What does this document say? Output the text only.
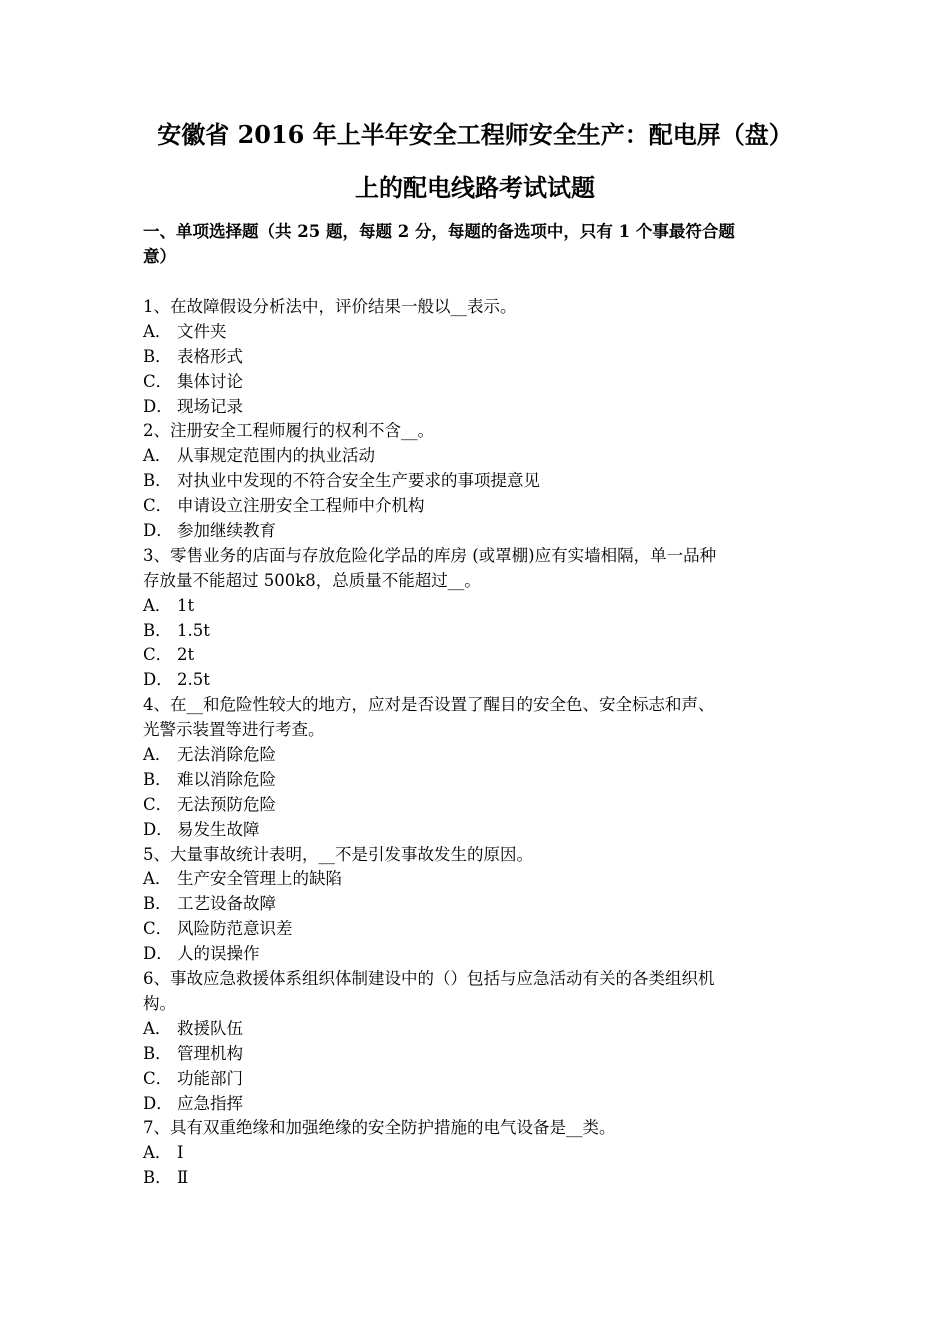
安徽省 2016 年上半年安全工程师安全生产：配电屏（盘）
上的配电线路考试试题
一、单项选择题（共 25 题，每题 2 分，每题的备选项中，只有 1 个事最符合题
意）
1、在故障假设分析法中，评价结果一般以__表示。
A． 文件夹
B． 表格形式
C． 集体讨论
D． 现场记录
2、注册安全工程师履行的权利不含__。
A． 从事规定范围内的执业活动
B． 对执业中发现的不符合安全生产要求的事项提意见
C． 申请设立注册安全工程师中介机构
D． 参加继续教育
3、零售业务的店面与存放危险化学品的库房 (或罩棚)应有实墙相隔，单一品种
存放量不能超过 500k8，总质量不能超过__。
A． 1t
B． 1.5t
C． 2t
D． 2.5t
4、在__和危险性较大的地方，应对是否设置了醒目的安全色、安全标志和声、
光警示装置等进行考查。
A． 无法消除危险
B． 难以消除危险
C． 无法预防危险
D． 易发生故障
5、大量事故统计表明，__不是引发事故发生的原因。
A． 生产安全管理上的缺陷
B． 工艺设备故障
C． 风险防范意识差
D． 人的误操作
6、事故应急救援体系组织体制建设中的（）包括与应急活动有关的各类组织机
构。
A． 救援队伍
B． 管理机构
C． 功能部门
D． 应急指挥
7、具有双重绝缘和加强绝缘的安全防护措施的电气设备是__类。
A． Ⅰ
B． Ⅱ
